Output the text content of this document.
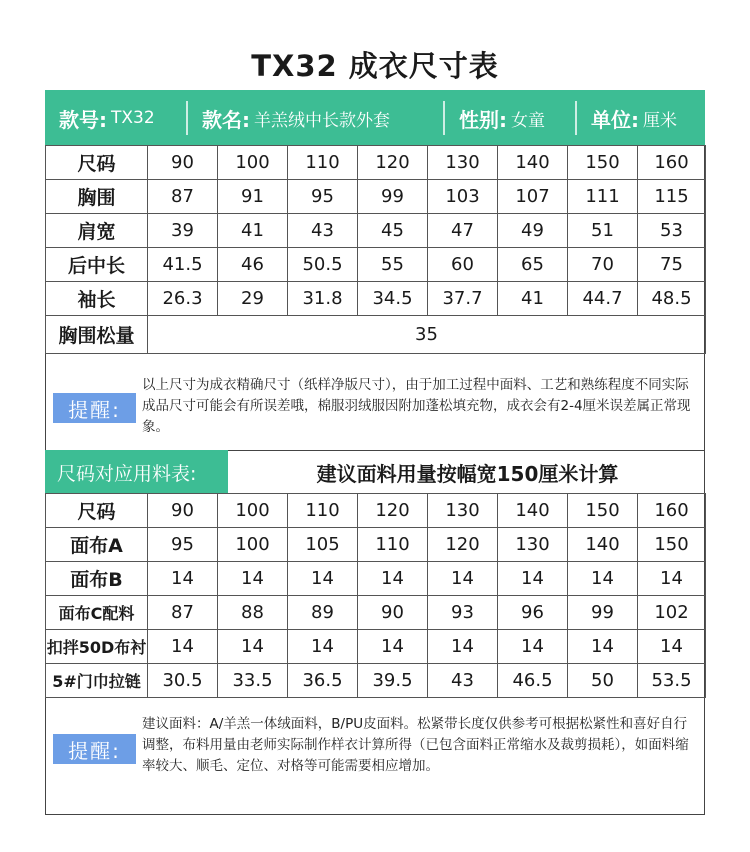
TX32 成衣尺寸表
款号: TX32 款名: 羊羔绒中长款外套	性别: 女童 单位: 厘米
尺码	90	100	110	120	130	140	150	160
胸围	87	91	95	99	103	107	111	115
肩宽	39	41	43	45	47	49	51	53
后中长	41.5	46	50.5	55	60	65	70	75
袖长	26.3	29	31.8	34.5	37.7	41	44.7	48.5
胸围松量	35							
提醒:
以上尺寸为成衣精确尺寸（纸样净版尺寸），由于加工过程中面料、工艺和熟练程度不同实际成品尺寸可能会有所误差哦，棉服羽绒服因附加蓬松填充物，成衣会有2-4厘米误差属正常现象。
尺码对应用料表:	建议面料用量按幅宽150厘米计算
尺码	90	100	110	120	130	140	150	160
面布A	95	100	105	110	120	130	140	150
面布B	14	14	14	14	14	14	14	14
面布C配料	87	88	89	90	93	96	99	102
扣拌50D布衬	14	14	14	14	14	14	14	14
5#门巾拉链	30.5	33.5	36.5	39.5	43	46.5	50	53.5
提醒:
建议面料：A/羊羔一体绒面料，B/PU皮面料。松紧带长度仅供参考可根据松紧性和喜好自行调整，布料用量由老师实际制作样衣计算所得（已包含面料正常缩水及裁剪损耗），如面料缩率较大、顺毛、定位、对格等可能需要相应增加。
